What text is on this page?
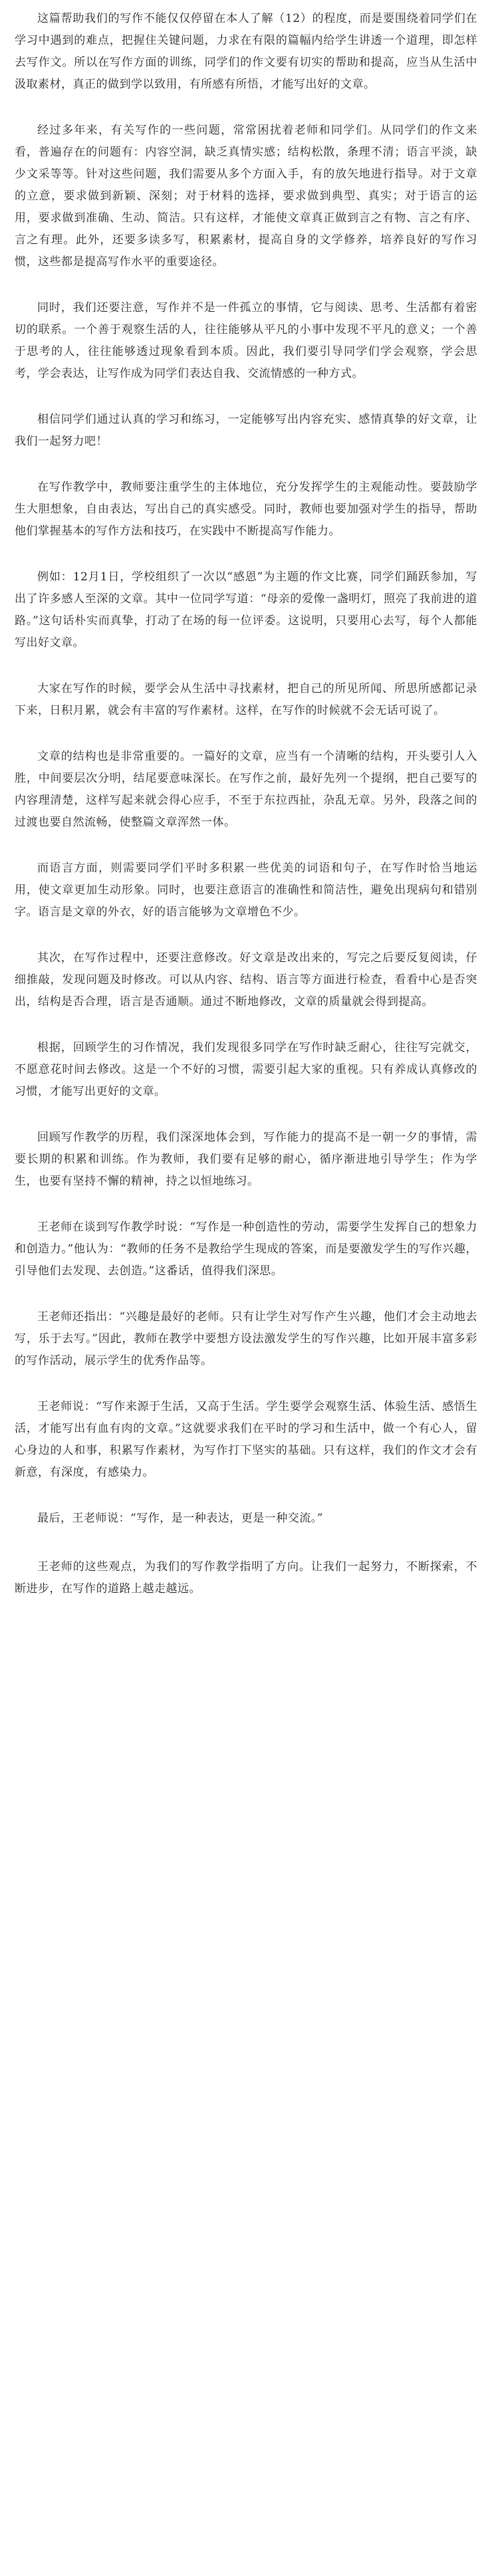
这篇帮助我们的写作不能仅仅停留在本人了解（12）的程度，而是要围绕着同学们在学习中遇到的难点，把握住关键问题，力求在有限的篇幅内给学生讲透一个道理，即怎样去写作文。所以在写作方面的训练，同学们的作文要有切实的帮助和提高，应当从生活中汲取素材，真正的做到学以致用，有所感有所悟，才能写出好的文章。

经过多年来，有关写作的一些问题，常常困扰着老师和同学们。从同学们的作文来看，普遍存在的问题有：内容空洞，缺乏真情实感；结构松散，条理不清；语言平淡，缺少文采等等。针对这些问题，我们需要从多个方面入手，有的放矢地进行指导。对于文章的立意，要求做到新颖、深刻；对于材料的选择，要求做到典型、真实；对于语言的运用，要求做到准确、生动、简洁。只有这样，才能使文章真正做到言之有物、言之有序、言之有理。此外，还要多读多写，积累素材，提高自身的文学修养，培养良好的写作习惯，这些都是提高写作水平的重要途径。

同时，我们还要注意，写作并不是一件孤立的事情，它与阅读、思考、生活都有着密切的联系。一个善于观察生活的人，往往能够从平凡的小事中发现不平凡的意义；一个善于思考的人，往往能够透过现象看到本质。因此，我们要引导同学们学会观察，学会思考，学会表达，让写作成为同学们表达自我、交流情感的一种方式。

相信同学们通过认真的学习和练习，一定能够写出内容充实、感情真挚的好文章，让我们一起努力吧！

在写作教学中，教师要注重学生的主体地位，充分发挥学生的主观能动性。要鼓励学生大胆想象，自由表达，写出自己的真实感受。同时，教师也要加强对学生的指导，帮助他们掌握基本的写作方法和技巧，在实践中不断提高写作能力。

例如：12月1日，学校组织了一次以“感恩”为主题的作文比赛，同学们踊跃参加，写出了许多感人至深的文章。其中一位同学写道：“母亲的爱像一盏明灯，照亮了我前进的道路。”这句话朴实而真挚，打动了在场的每一位评委。这说明，只要用心去写，每个人都能写出好文章。

大家在写作的时候，要学会从生活中寻找素材，把自己的所见所闻、所思所感都记录下来，日积月累，就会有丰富的写作素材。这样，在写作的时候就不会无话可说了。

文章的结构也是非常重要的。一篇好的文章，应当有一个清晰的结构，开头要引人入胜，中间要层次分明，结尾要意味深长。在写作之前，最好先列一个提纲，把自己要写的内容理清楚，这样写起来就会得心应手，不至于东拉西扯，杂乱无章。另外，段落之间的过渡也要自然流畅，使整篇文章浑然一体。

而语言方面，则需要同学们平时多积累一些优美的词语和句子，在写作时恰当地运用，使文章更加生动形象。同时，也要注意语言的准确性和简洁性，避免出现病句和错别字。语言是文章的外衣，好的语言能够为文章增色不少。

其次，在写作过程中，还要注意修改。好文章是改出来的，写完之后要反复阅读，仔细推敲，发现问题及时修改。可以从内容、结构、语言等方面进行检查，看看中心是否突出，结构是否合理，语言是否通顺。通过不断地修改，文章的质量就会得到提高。

根据，回顾学生的习作情况，我们发现很多同学在写作时缺乏耐心，往往写完就交，不愿意花时间去修改。这是一个不好的习惯，需要引起大家的重视。只有养成认真修改的习惯，才能写出更好的文章。

回顾写作教学的历程，我们深深地体会到，写作能力的提高不是一朝一夕的事情，需要长期的积累和训练。作为教师，我们要有足够的耐心，循序渐进地引导学生；作为学生，也要有坚持不懈的精神，持之以恒地练习。

王老师在谈到写作教学时说：“写作是一种创造性的劳动，需要学生发挥自己的想象力和创造力。”他认为：“教师的任务不是教给学生现成的答案，而是要激发学生的写作兴趣，引导他们去发现、去创造。”这番话，值得我们深思。

王老师还指出：“兴趣是最好的老师。只有让学生对写作产生兴趣，他们才会主动地去写，乐于去写。”因此，教师在教学中要想方设法激发学生的写作兴趣，比如开展丰富多彩的写作活动，展示学生的优秀作品等。

王老师说：“写作来源于生活，又高于生活。学生要学会观察生活、体验生活、感悟生活，才能写出有血有肉的文章。”这就要求我们在平时的学习和生活中，做一个有心人，留心身边的人和事，积累写作素材，为写作打下坚实的基础。只有这样，我们的作文才会有新意，有深度，有感染力。

最后，王老师说：“写作，是一种表达，更是一种交流。”

王老师的这些观点，为我们的写作教学指明了方向。让我们一起努力，不断探索，不断进步，在写作的道路上越走越远。
